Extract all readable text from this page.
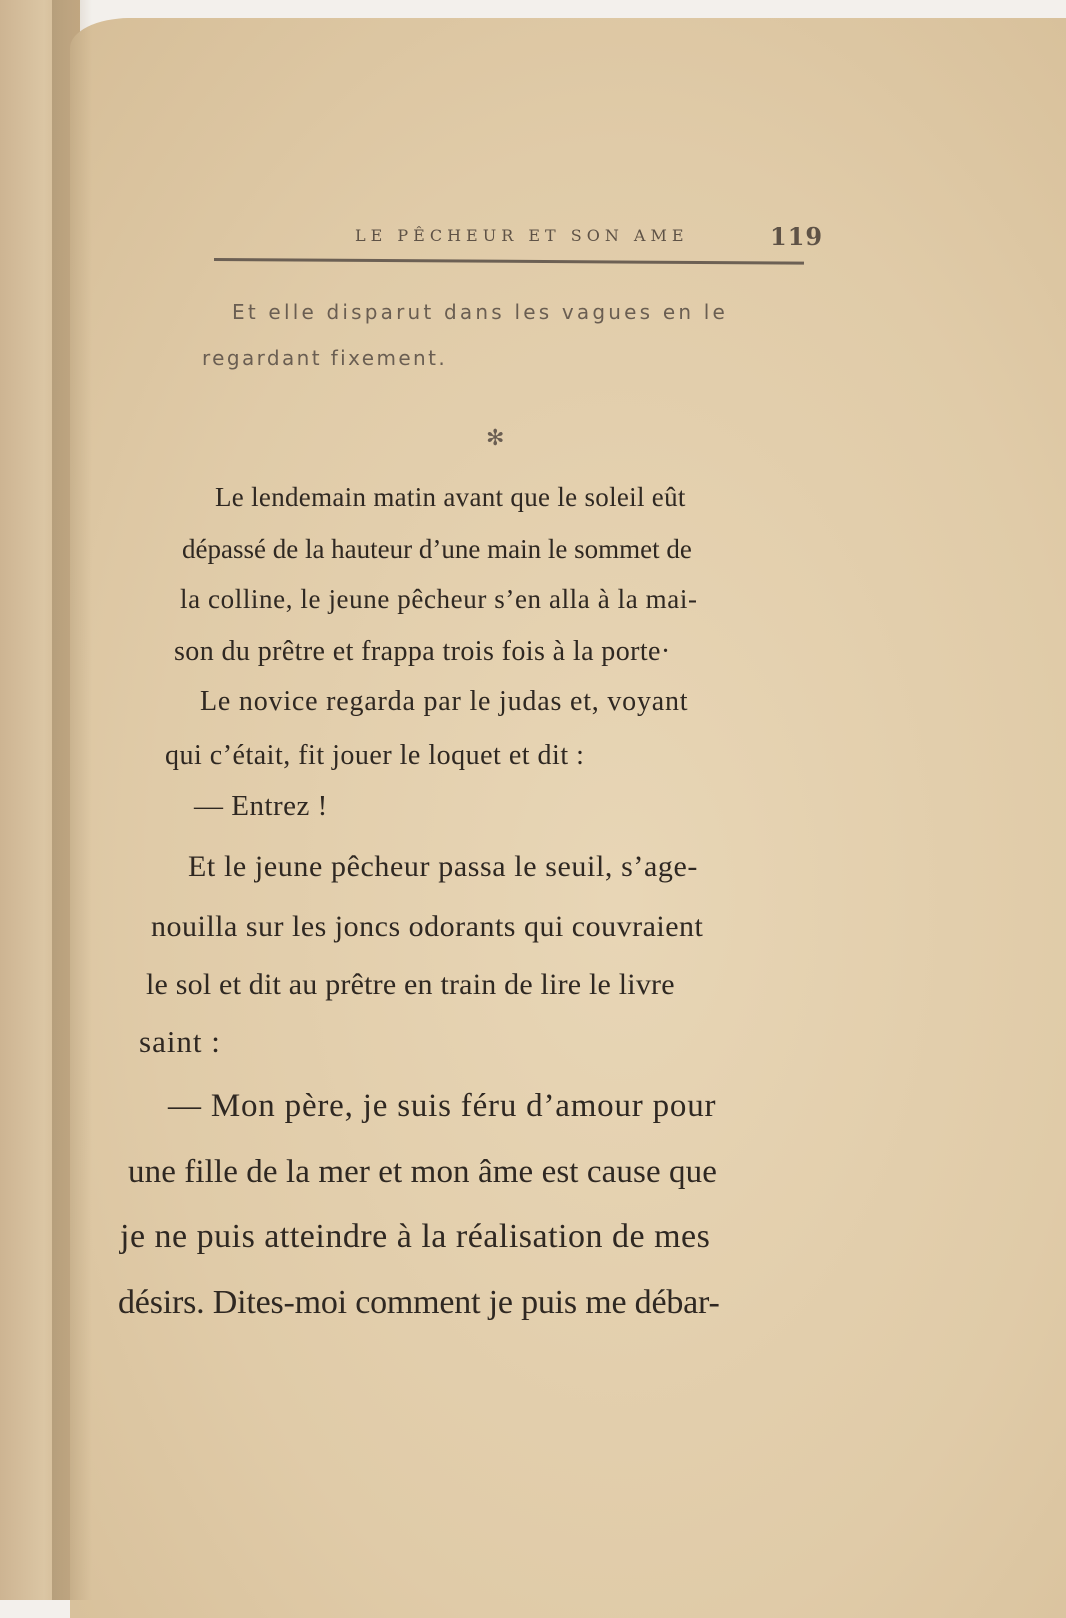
LE PÊCHEUR ET SON AME	119
Et elle disparut dans les vagues en le
regardant fixement.
✻
Le lendemain matin avant que le soleil eût
dépassé de la hauteur d’une main le sommet de
la colline, le jeune pêcheur s’en alla à la mai-
son du prêtre et frappa trois fois à la porte·
Le novice regarda par le judas et, voyant
qui c’était, fit jouer le loquet et dit :
— Entrez !
Et le jeune pêcheur passa le seuil, s’age-
nouilla sur les joncs odorants qui couvraient
le sol et dit au prêtre en train de lire le livre
saint :
— Mon père, je suis féru d’amour pour
une fille de la mer et mon âme est cause que
je ne puis atteindre à la réalisation de mes
désirs. Dites-moi comment je puis me débar-
